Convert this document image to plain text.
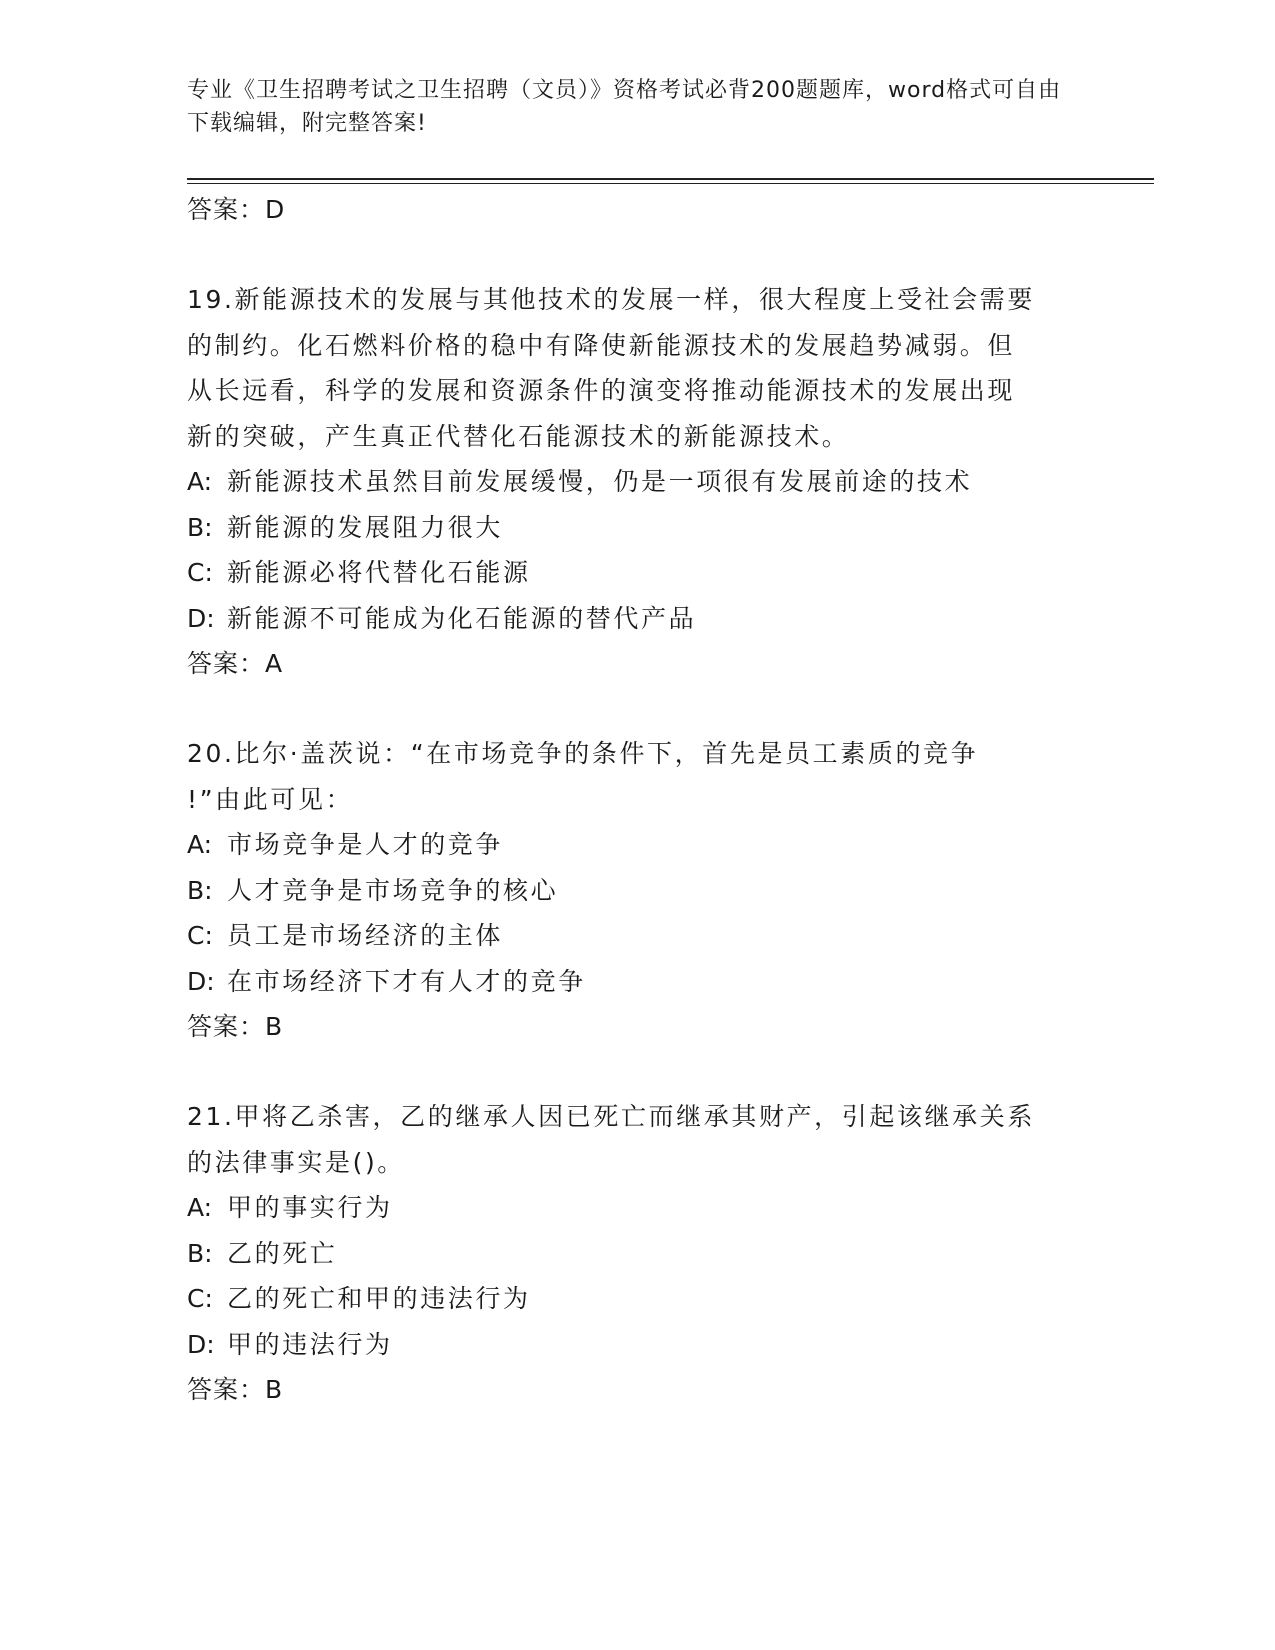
专业《卫生招聘考试之卫生招聘（文员）》资格考试必背200题题库，word格式可自由下载编辑，附完整答案!
答案：D
19.新能源技术的发展与其他技术的发展一样，很大程度上受社会需要
的制约。化石燃料价格的稳中有降使新能源技术的发展趋势减弱。但
从长远看，科学的发展和资源条件的演变将推动能源技术的发展出现
新的突破，产生真正代替化石能源技术的新能源技术。
A: 新能源技术虽然目前发展缓慢，仍是一项很有发展前途的技术
B: 新能源的发展阻力很大
C: 新能源必将代替化石能源
D: 新能源不可能成为化石能源的替代产品
答案：A
20.比尔·盖茨说：“在市场竞争的条件下，首先是员工素质的竞争
!”由此可见：
A: 市场竞争是人才的竞争
B: 人才竞争是市场竞争的核心
C: 员工是市场经济的主体
D: 在市场经济下才有人才的竞争
答案：B
21.甲将乙杀害，乙的继承人因已死亡而继承其财产，引起该继承关系
的法律事实是()。
A: 甲的事实行为
B: 乙的死亡
C: 乙的死亡和甲的违法行为
D: 甲的违法行为
答案：B
